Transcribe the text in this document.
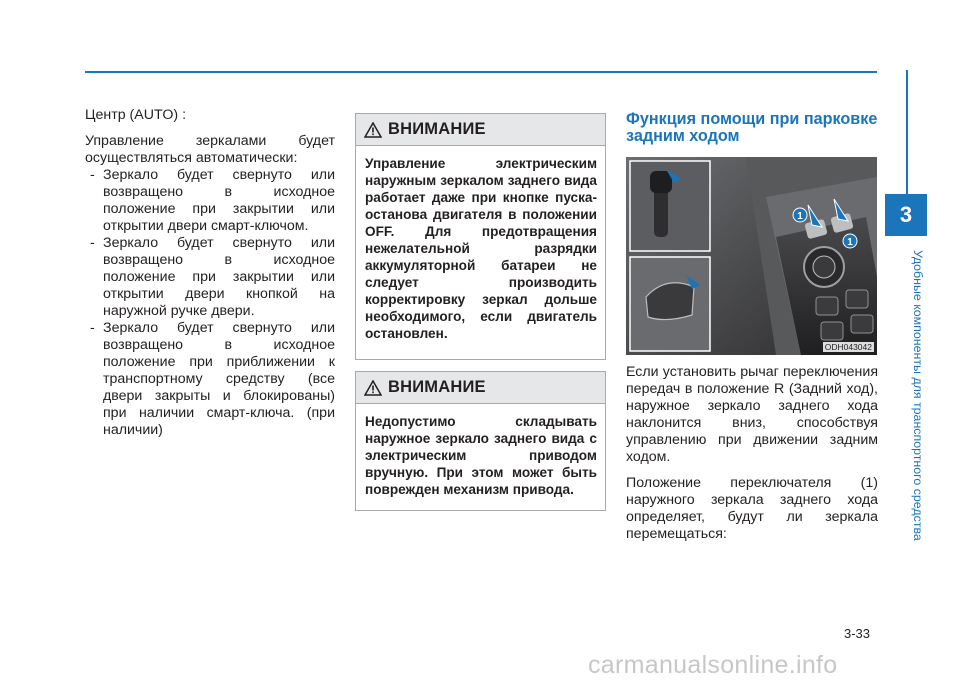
Центр (AUTO) :

Управление зеркалами будет осуществляться автоматически:

- Зеркало будет свернуто или возвращено в исходное положение при закрытии или открытии двери смарт-ключом.

- Зеркало будет свернуто или возвращено в исходное положение при закрытии или открытии двери кнопкой на наружной ручке двери.

- Зеркало будет свернуто или возвращено в исходное положение при приближении к транспортному средству (все двери закрыты и блокированы) при наличии смарт-ключа. (при наличии)

ВНИМАНИЕ

Управление электрическим наружным зеркалом заднего вида работает даже при кнопке пуска-останова двигателя в положении OFF. Для предотвращения нежелательной разрядки аккумуляторной батареи не следует производить корректировку зеркал дольше необходимого, если двигатель остановлен.

ВНИМАНИЕ

Недопустимо складывать наружное зеркало заднего вида с электрическим приводом вручную. При этом может быть поврежден механизм привода.

Функция помощи при парковке задним ходом
1
1
ODH043042

Если установить рычаг переключения передач в положение R (Задний ход), наружное зеркало заднего хода наклонится вниз, способствуя управлению при движении задним ходом.

Положение переключателя (1) наружного зеркала заднего хода определяет, будут ли зеркала перемещаться:

3
Удобные компоненты для транспортного средства
3-33
carmanualsonline.info
